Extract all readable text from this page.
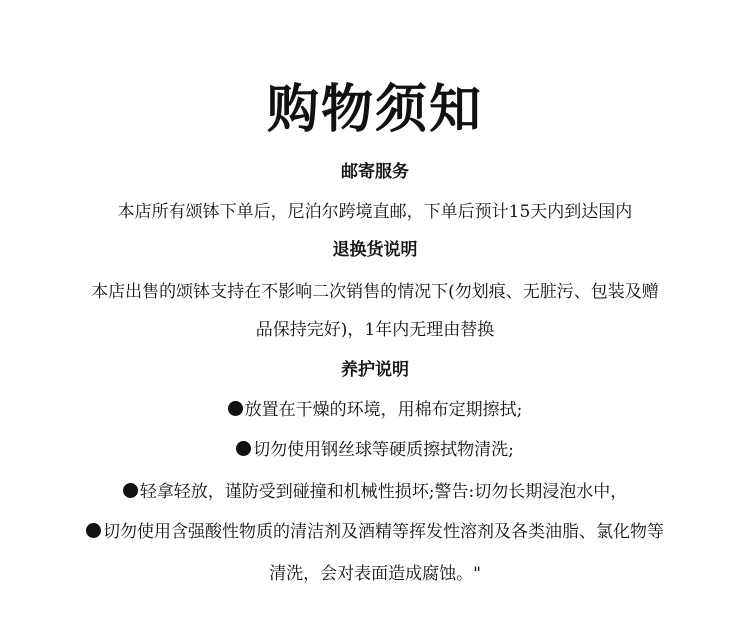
购物须知
邮寄服务
本店所有颂钵下单后，尼泊尔跨境直邮，下单后预计15天内到达国内
退换货说明
本店出售的颂钵支持在不影响二次销售的情况下(勿划痕、无脏污、包装及赠
品保持完好)，1年内无理由替换
养护说明
放置在干燥的环境，用棉布定期擦拭;
切勿使用钢丝球等硬质擦拭物清洗;
轻拿轻放，谨防受到碰撞和机械性损坏;警告:切勿长期浸泡水中，
切勿使用含强酸性物质的清洁剂及酒精等挥发性溶剂及各类油脂、氯化物等
清洗，会对表面造成腐蚀。"
